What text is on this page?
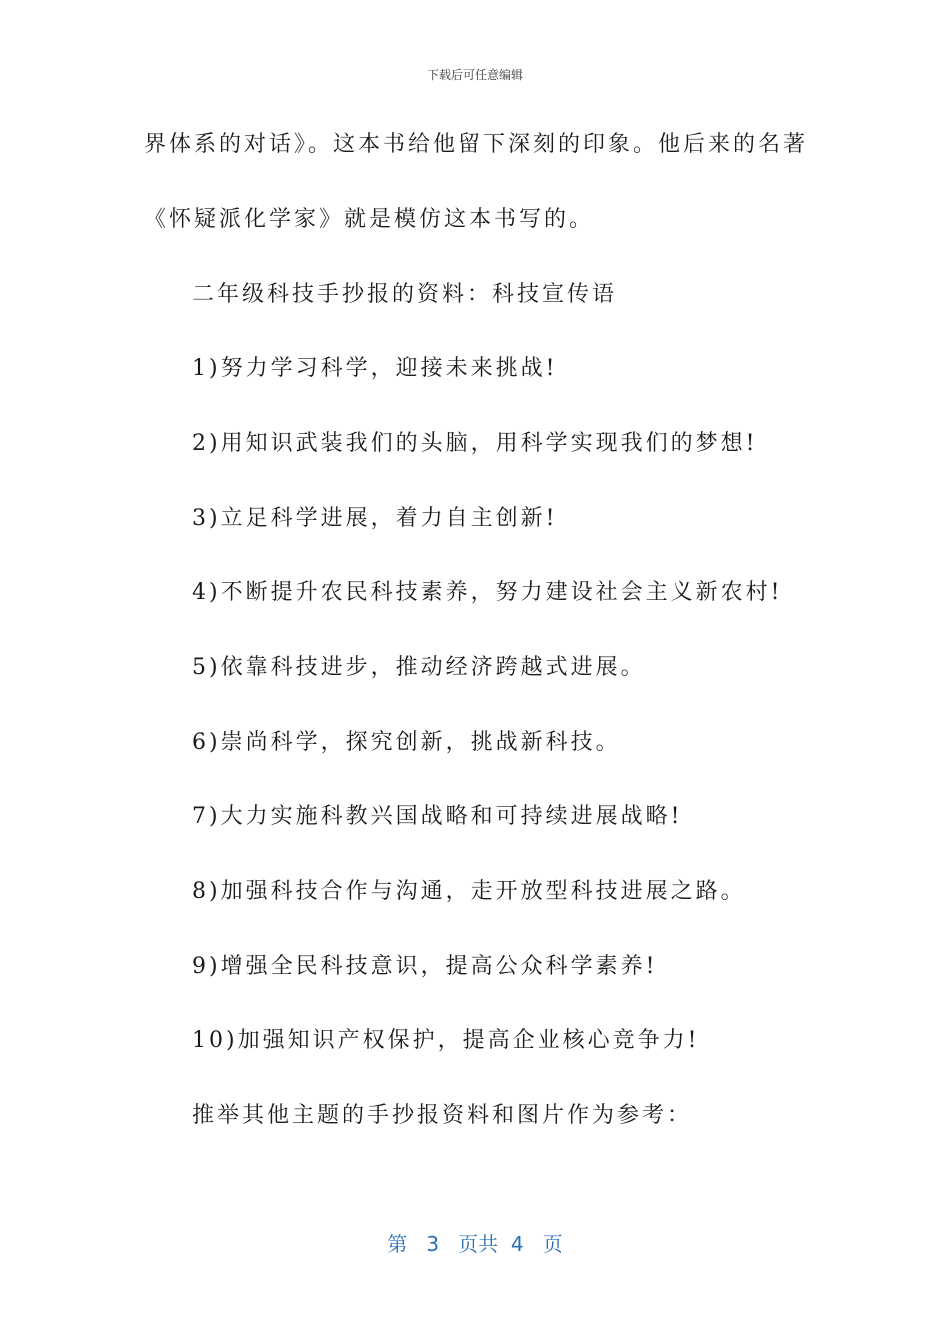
下载后可任意编辑
界体系的对话》。这本书给他留下深刻的印象。他后来的名著
《怀疑派化学家》就是模仿这本书写的。
二年级科技手抄报的资料：科技宣传语
1)努力学习科学，迎接未来挑战!
2)用知识武装我们的头脑，用科学实现我们的梦想!
3)立足科学进展，着力自主创新!
4)不断提升农民科技素养，努力建设社会主义新农村!
5)依靠科技进步，推动经济跨越式进展。
6)崇尚科学，探究创新，挑战新科技。
7)大力实施科教兴国战略和可持续进展战略!
8)加强科技合作与沟通，走开放型科技进展之路。
9)增强全民科技意识，提高公众科学素养!
10)加强知识产权保护，提高企业核心竞争力!
推举其他主题的手抄报资料和图片作为参考：
第 3 页共 4 页
